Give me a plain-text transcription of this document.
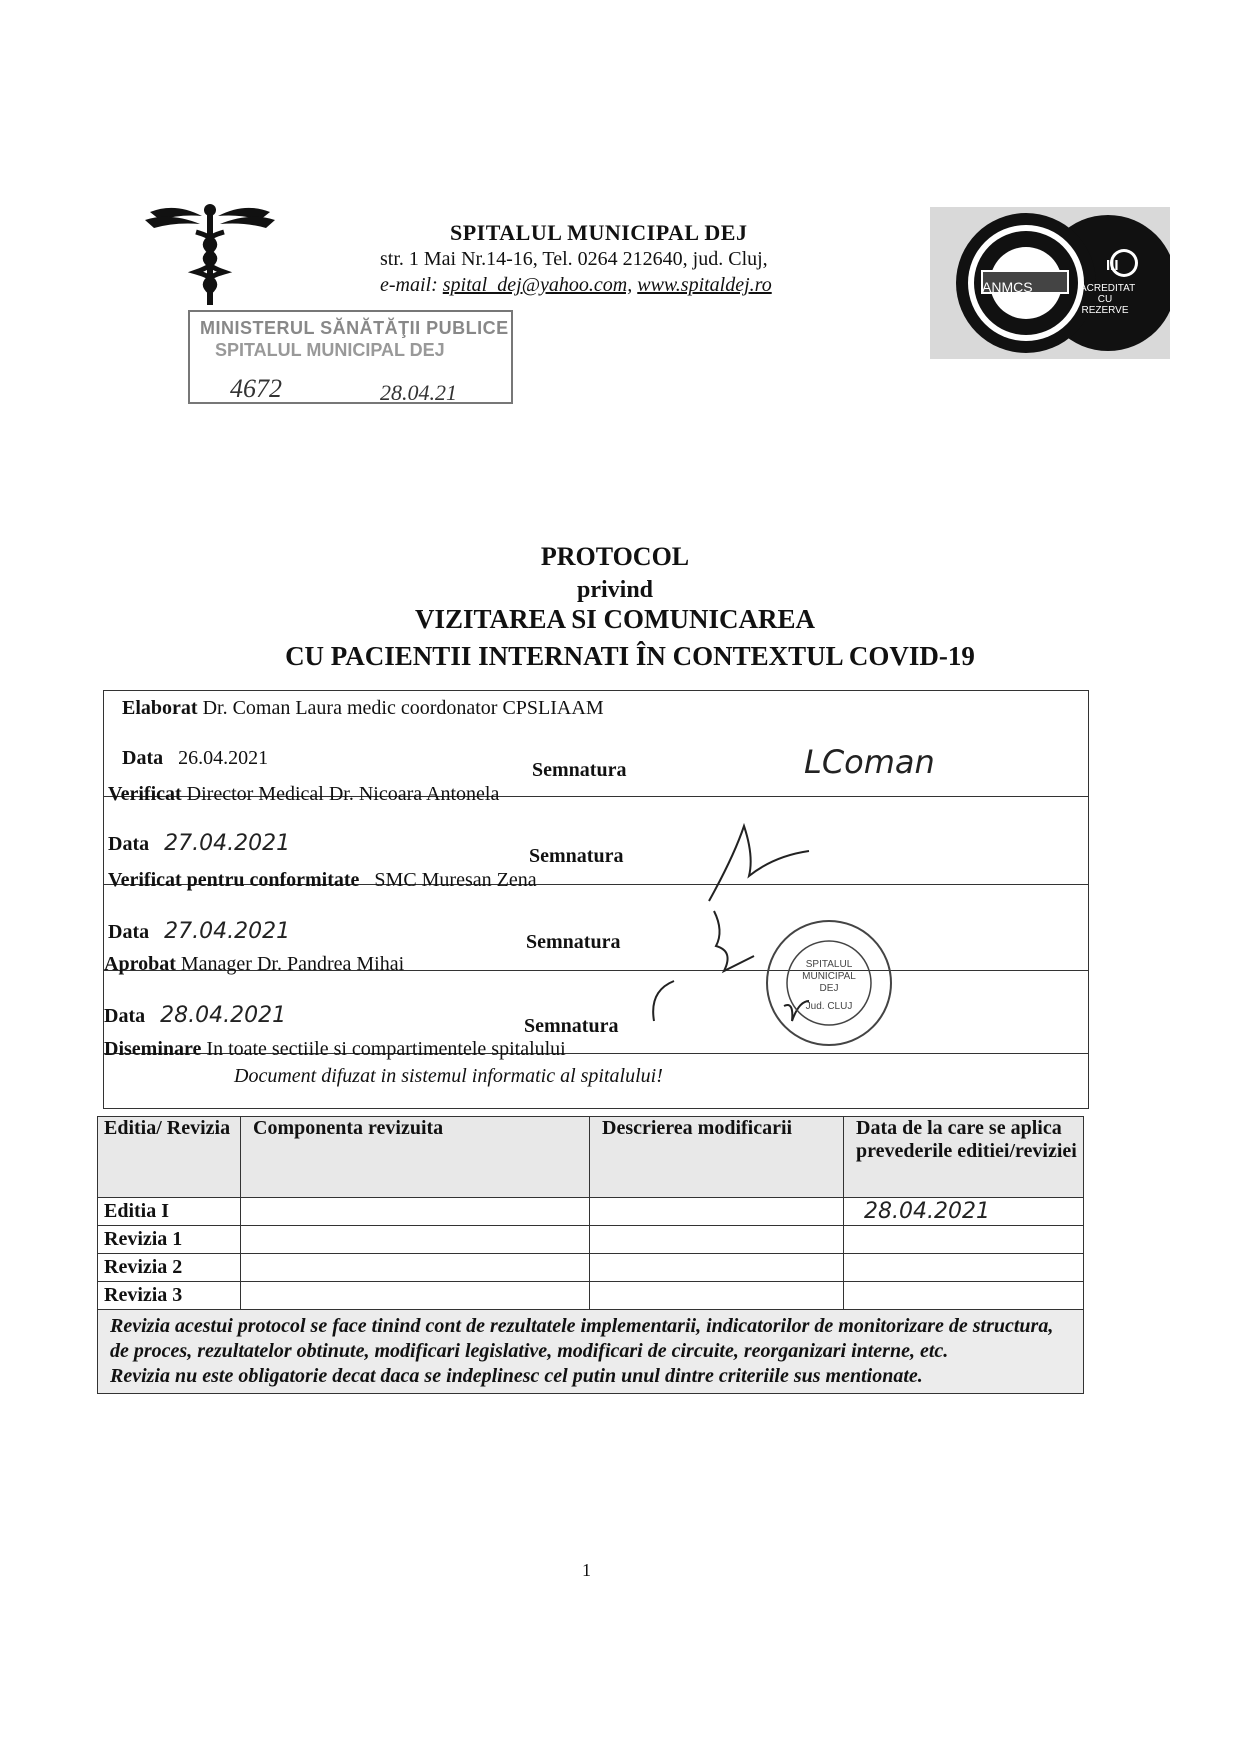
SPITALUL MUNICIPAL DEJ
str. 1 Mai Nr.14-16, Tel. 0264 212640, jud. Cluj,
e-mail: spital_dej@yahoo.com, www.spitaldej.ro
MINISTERUL SĂNĂTĂŢII PUBLICE
SPITALUL MUNICIPAL DEJ
4672	28.04.21
ANMCS
III
ACREDITAT CU REZERVE
PROTOCOL
privind
VIZITAREA SI COMUNICAREA
CU PACIENTII INTERNATI ÎN CONTEXTUL COVID-19
Elaborat Dr. Coman Laura medic coordonator CPSLIAAM
Data 26.04.2021
Semnatura	LComan
Verificat Director Medical Dr. Nicoara Antonela
Data 27.04.2021	Semnatura
Verificat pentru conformitate SMC Muresan Zena
Data 27.04.2021	Semnatura
Aprobat Manager Dr. Pandrea Mihai
Data 28.04.2021	Semnatura
SPITALUL MUNICIPAL DEJ
Jud. CLUJ
Diseminare In toate sectiile si compartimentele spitalului
Document difuzat in sistemul informatic al spitalului!
Editia/ Revizia	Componenta revizuita	Descrierea modificarii	Data de la care se aplica prevederile editiei/reviziei
Editia I			28.04.2021
Revizia 1			
Revizia 2			
Revizia 3			

Revizia acestui protocol se face tinind cont de rezultatele implementarii, indicatorilor de monitorizare de structura, de proces, rezultatelor obtinute, modificari legislative, modificari de circuite, reorganizari interne, etc.
Revizia nu este obligatorie decat daca se indeplinesc cel putin unul dintre criteriile sus mentionate.			
1
